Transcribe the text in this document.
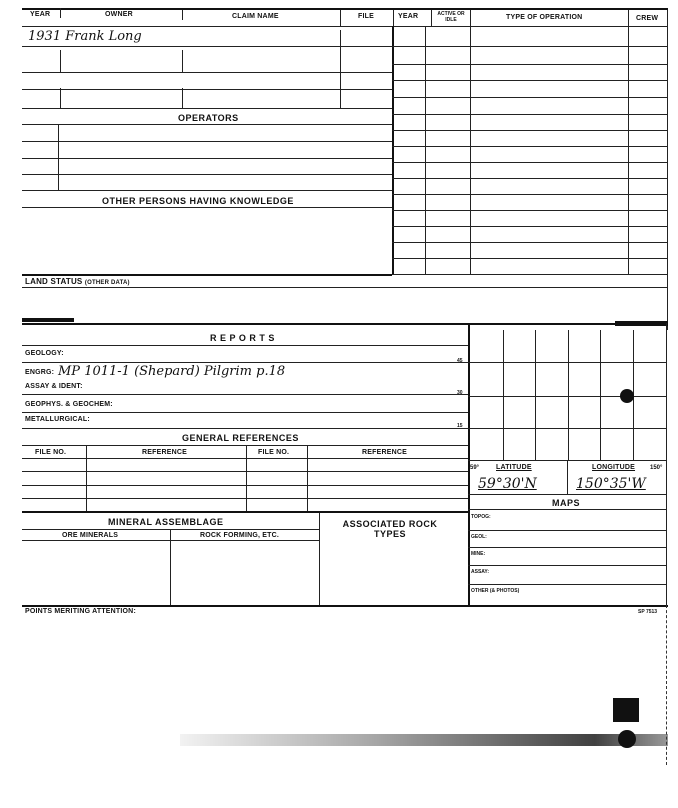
YEAR	OWNER	CLAIM NAME	FILE	YEAR	ACTIVE OR IDLE	TYPE OF OPERATION	CREW
1931 Frank Long
OPERATORS
OTHER PERSONS HAVING KNOWLEDGE
LAND STATUS (OTHER DATA)
R E P O R T S
GEOLOGY:
45
ENGRG: MP 1011-1 (Shepard) Pilgrim p.18
ASSAY & IDENT:
30
GEOPHYS. & GEOCHEM:
METALLURGICAL:
15
GENERAL REFERENCES
FILE NO.	REFERENCE	FILE NO.	REFERENCE
MINERAL ASSEMBLAGE	ASSOCIATED ROCK TYPES
ORE MINERALS	ROCK FORMING, ETC.
59° LATITUDE	LONGITUDE 150°
59°30'N	150°35'W
MAPS
TOPOG:
GEOL:
MINE:
ASSAY:
OTHER (& PHOTOS)
POINTS MERITING ATTENTION:	SP 7513
